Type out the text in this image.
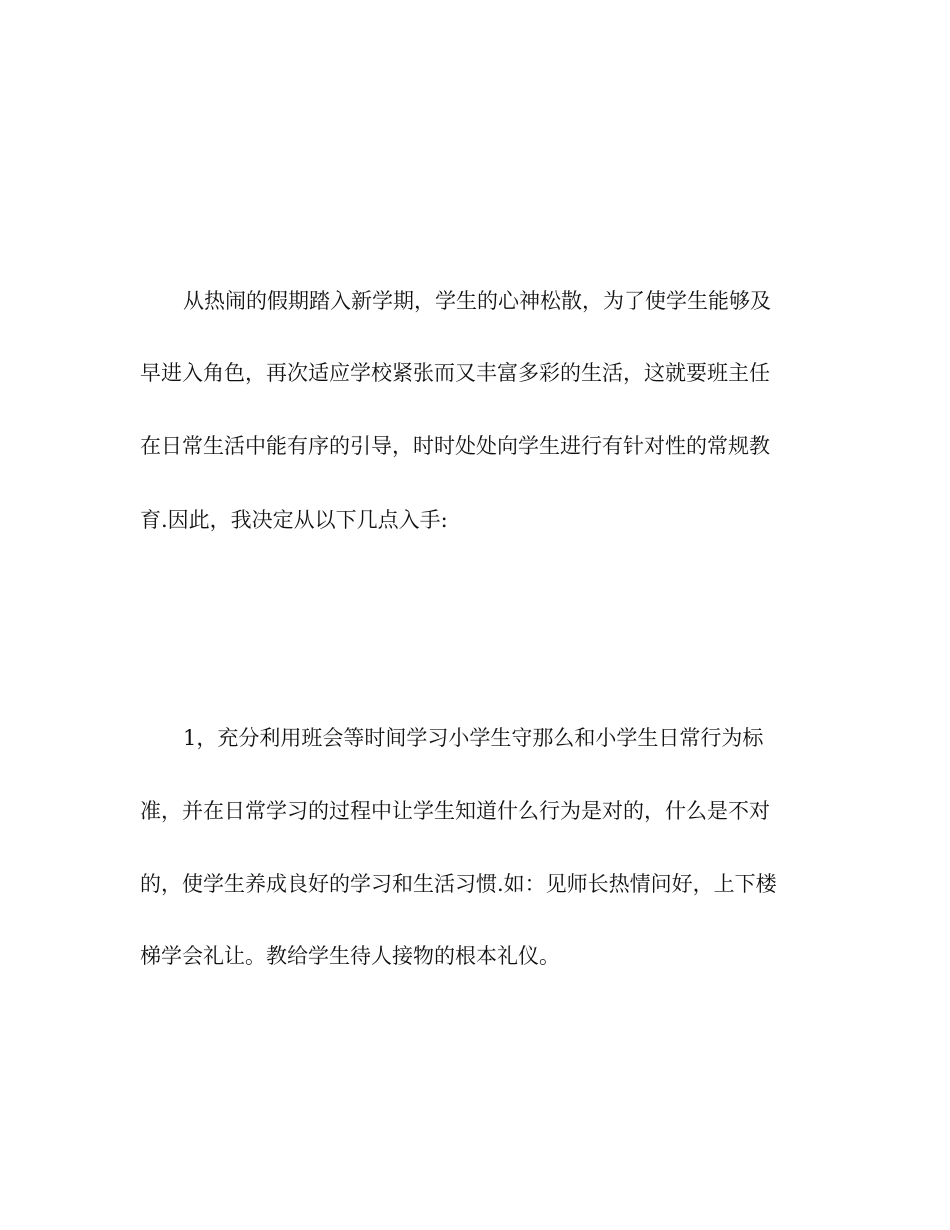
从热闹的假期踏入新学期，学生的心神松散，为了使学生能够及
早进入角色，再次适应学校紧张而又丰富多彩的生活，这就要班主任
在日常生活中能有序的引导，时时处处向学生进行有针对性的常规教
育.因此，我决定从以下几点入手:
1，充分利用班会等时间学习小学生守那么和小学生日常行为标
准，并在日常学习的过程中让学生知道什么行为是对的，什么是不对
的，使学生养成良好的学习和生活习惯.如：见师长热情问好，上下楼
梯学会礼让。教给学生待人接物的根本礼仪。
